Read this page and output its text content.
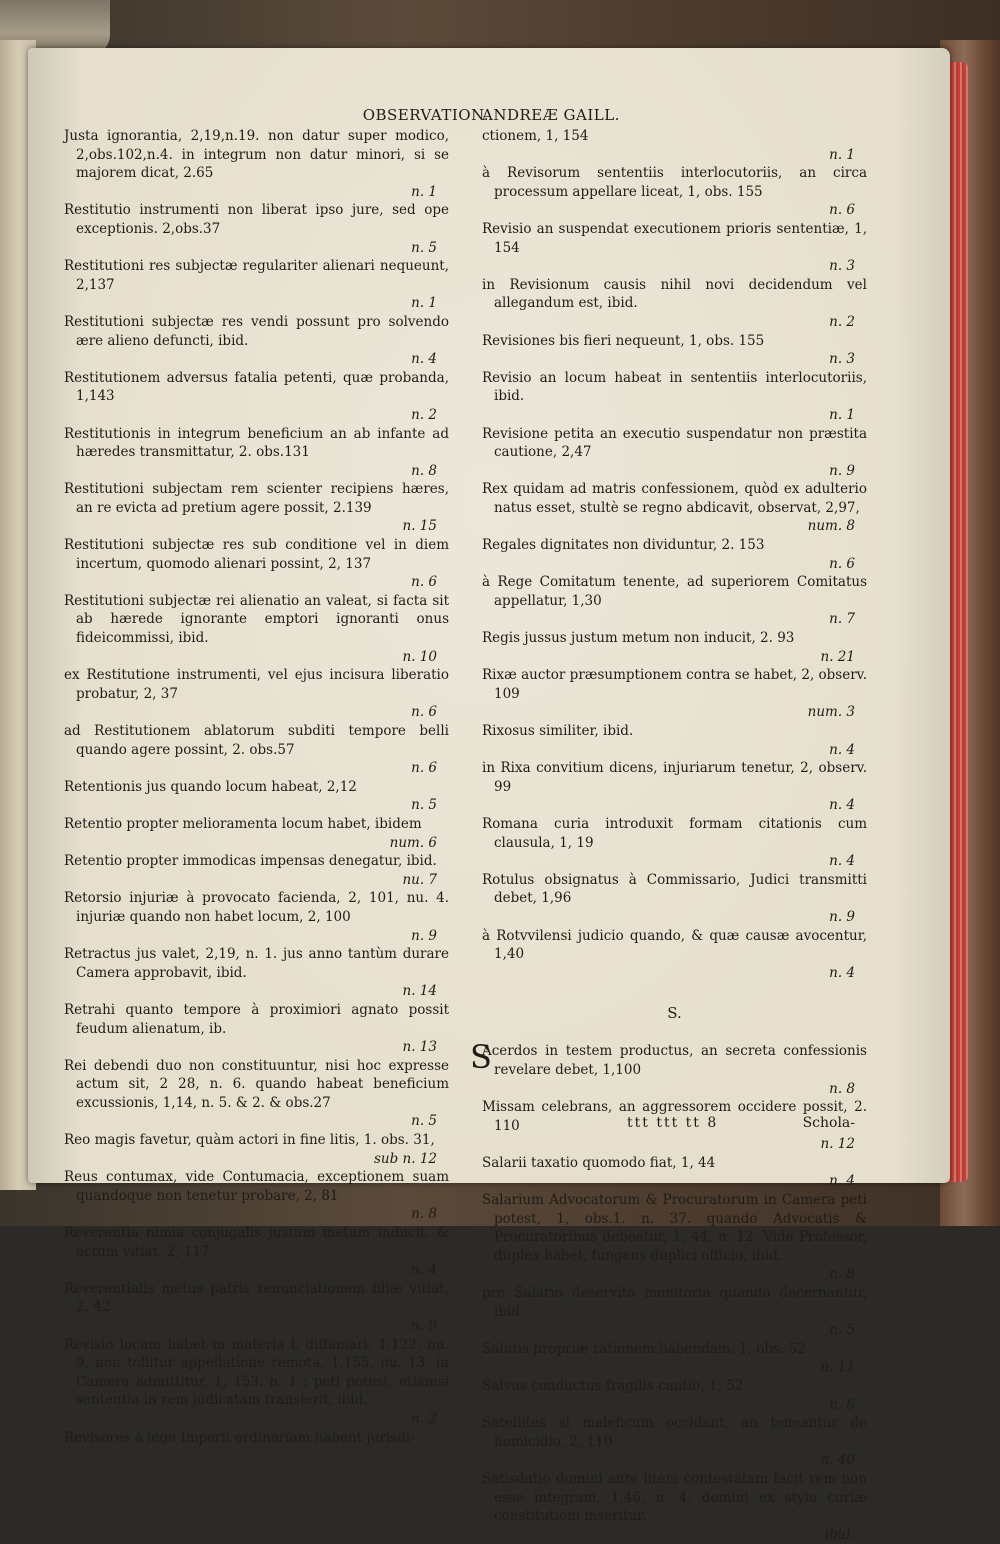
OBSERVATION.
ANDREÆ GAILL.

Justa ignorantia, 2,19,n.19. non datur super modico, 2,obs.102,n.4. in integrum non datur minori, si se majorem dicat, 2.65
n. 1

Restitutio instrumenti non liberat ipso jure, sed ope exceptionis. 2,obs.37
n. 5

Restitutioni res subjectæ regulariter alienari nequeunt, 2,137
n. 1

Restitutioni subjectæ res vendi possunt pro solvendo ære alieno defuncti, ibid.
n. 4

Restitutionem adversus fatalia petenti, quæ probanda, 1,143
n. 2

Restitutionis in integrum beneficium an ab infante ad hæredes transmittatur, 2. obs.131
n. 8

Restitutioni subjectam rem scienter recipiens hæres, an re evicta ad pretium agere possit, 2.139
n. 15

Restitutioni subjectæ res sub conditione vel in diem incertum, quomodo alienari possint, 2, 137
n. 6

Restitutioni subjectæ rei alienatio an valeat, si facta sit ab hærede ignorante emptori ignoranti onus fideicommissi, ibid.
n. 10

ex Restitutione instrumenti, vel ejus incisura liberatio probatur, 2, 37
n. 6

ad Restitutionem ablatorum subditi tempore belli quando agere possint, 2. obs.57
n. 6

Retentionis jus quando locum habeat, 2,12
n. 5

Retentio propter melioramenta locum habet, ibidem
num. 6

Retentio propter immodicas impensas denegatur, ibid.
nu. 7

Retorsio injuriæ à provocato facienda, 2, 101, nu. 4. injuriæ quando non habet locum, 2, 100
n. 9

Retractus jus valet, 2,19, n. 1. jus anno tantùm durare Camera approbavit, ibid.
n. 14

Retrahi quanto tempore à proximiori agnato possit feudum alienatum, ib.
n. 13

Rei debendi duo non constituuntur, nisi hoc expresse actum sit, 2 28, n. 6. quando habeat beneficium excussionis, 1,14, n. 5. & 2. & obs.27
n. 5

Reo magis favetur, quàm actori in fine litis, 1. obs. 31,
sub n. 12

Reus contumax, vide Contumacia, exceptionem suam quandoque non tenetur probare, 2, 81
n. 8

Reverentia nimia conjugalis justum metum inducit, & actum vitiat, 2, 117
n. 4

Reverentialis metus patris renunciationem filiæ vitiat, 2, 42
n. 9

Revisio locum habet in materia l. diffamari, 1,122, nu. 9, non tollitur appellatione remota, 1,155, nu. 13. in Camera admittitur, 1, 153. n. 1 : peti potest, etiamsi sententia in rem judicatam transierit, ibid.
n. 2

Revisores à lege Imperii ordinariam habent jurisdi-

ctionem, 1, 154
n. 1

à Revisorum sententiis interlocutoriis, an circa processum appellare liceat, 1, obs. 155
n. 6

Revisio an suspendat executionem prioris sententiæ, 1, 154
n. 3

in Revisionum causis nihil novi decidendum vel allegandum est, ibid.
n. 2

Revisiones bis fieri nequeunt, 1, obs. 155
n. 3

Revisio an locum habeat in sententiis interlocutoriis, ibid.
n. 1

Revisione petita an executio suspendatur non præstita cautione, 2,47
n. 9

Rex quidam ad matris confessionem, quòd ex adulterio natus esset, stultè se regno abdicavit, observat, 2,97,
num. 8

Regales dignitates non dividuntur, 2. 153
n. 6

à Rege Comitatum tenente, ad superiorem Comitatus appellatur, 1,30
n. 7

Regis jussus justum metum non inducit, 2. 93
n. 21

Rixæ auctor præsumptionem contra se habet, 2, observ. 109
num. 3

Rixosus similiter, ibid.
n. 4

in Rixa convitium dicens, injuriarum tenetur, 2, observ. 99
n. 4

Romana curia introduxit formam citationis cum clausula, 1, 19
n. 4

Rotulus obsignatus à Commissario, Judici transmitti debet, 1,96
n. 9

à Rotvvilensi judicio quando, & quæ causæ avocentur, 1,40
n. 4

S.

S
Acerdos in testem productus, an secreta confessionis revelare debet, 1,100
n. 8

Missam celebrans, an aggressorem occidere possit, 2. 110
n. 12

Salarii taxatio quomodo fiat, 1, 44
n. 4

Salarium Advocatorum & Procuratorum in Camera peti potest, 1, obs.1. n. 37. quando Advocatis & Procuratoribus debeatur, 1, 44, n. 12. Vide Professor, duplex habet, fungens duplici officio, ibid.
n. 8

pro Salario deservito monitoria quando decernantur, ibid.
n. 5

Salutis propriæ rationem habendam, 1, obs. 52
n. 11

Salvus conductus fragilis cautio, 1, 52
n. 6

Satellites si maleficum occidant, an teneantur de homicidio, 2, 110
n. 40

Satisdatio domini ante litem contestatam facit rem non esse integram, 1,46, n. 4. domini ex stylo curiæ constitutioni inseritur.
ibid.

ttt ttt tt 8	Schola-
